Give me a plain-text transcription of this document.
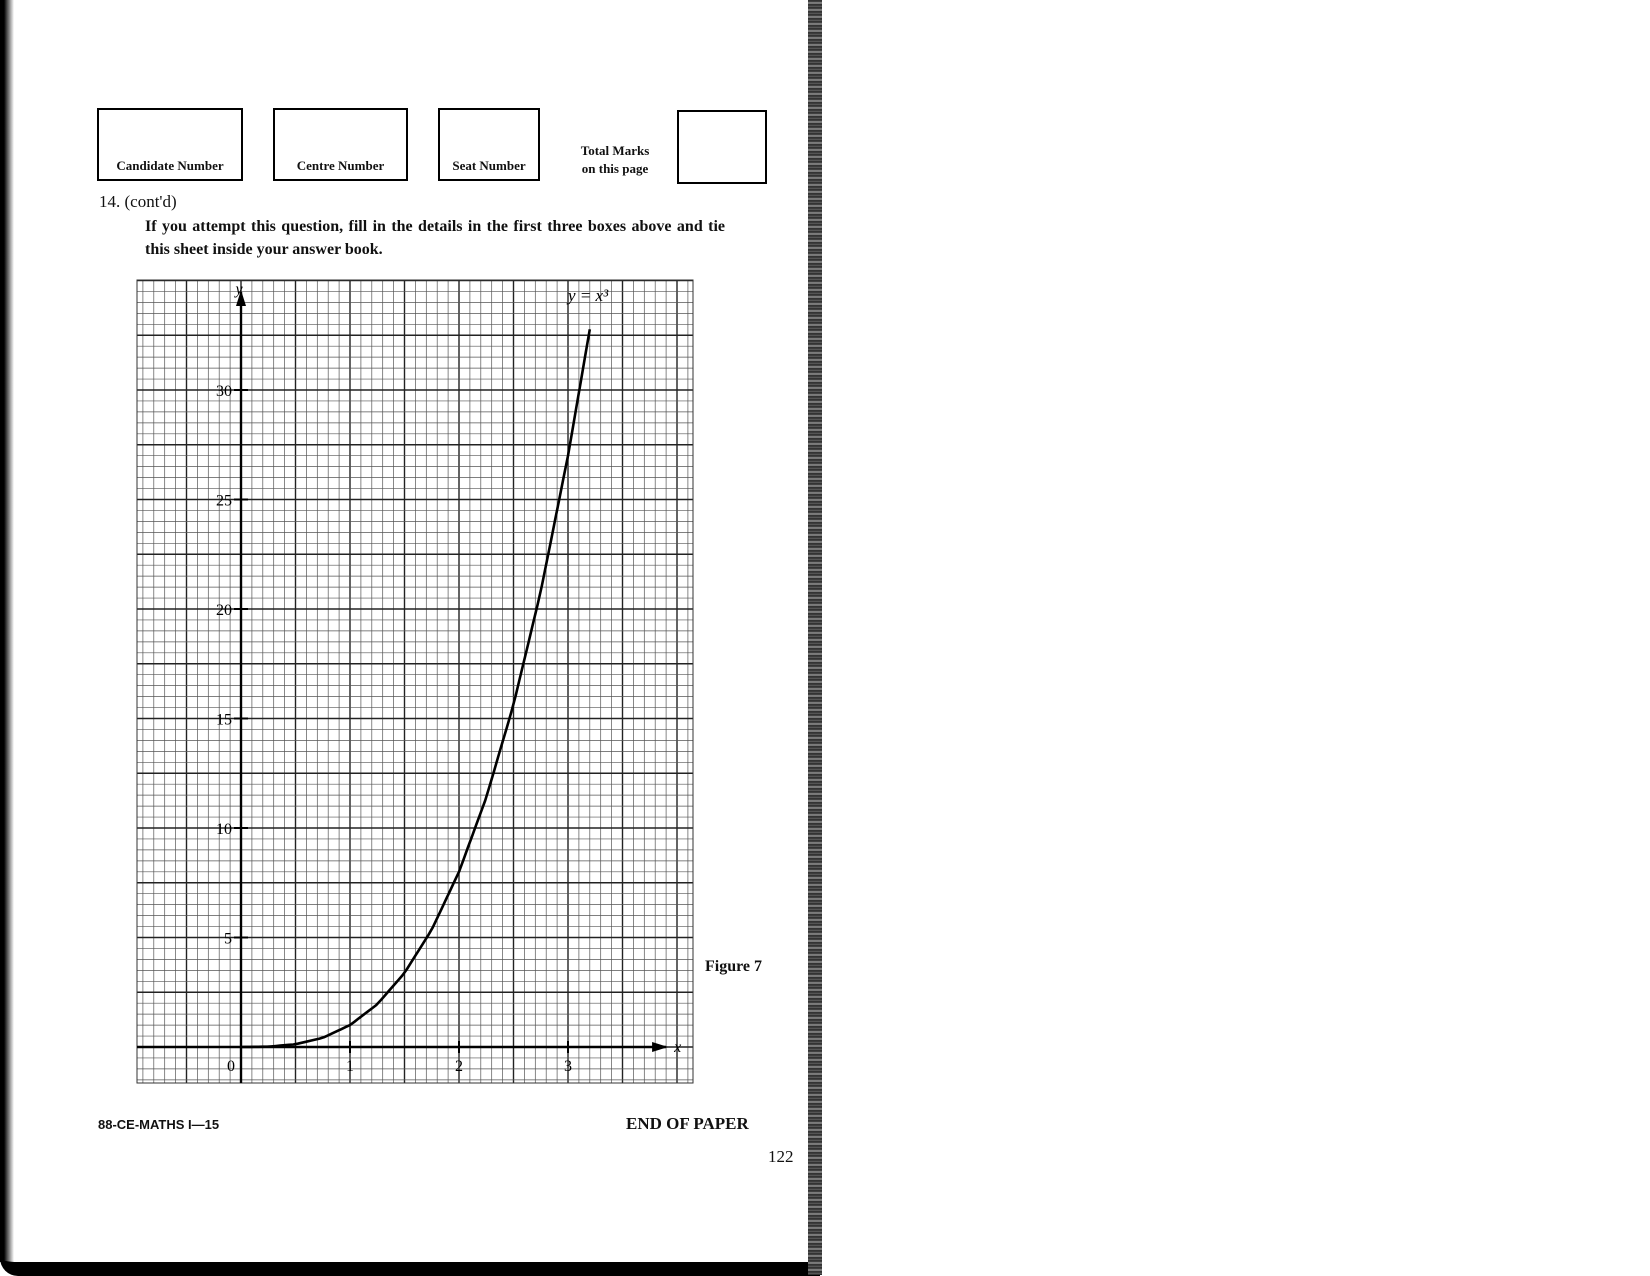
Candidate Number	Centre Number	Seat Number
Total Marks
on this page
14. (cont'd)
If you attempt this question, fill in the details in the first three boxes above and tie this sheet inside your answer book.
0	1	2	3
5
10
15
20
25
30
y
x
y = x³
Figure 7
88-CE-MATHS I—15	END OF PAPER
122
